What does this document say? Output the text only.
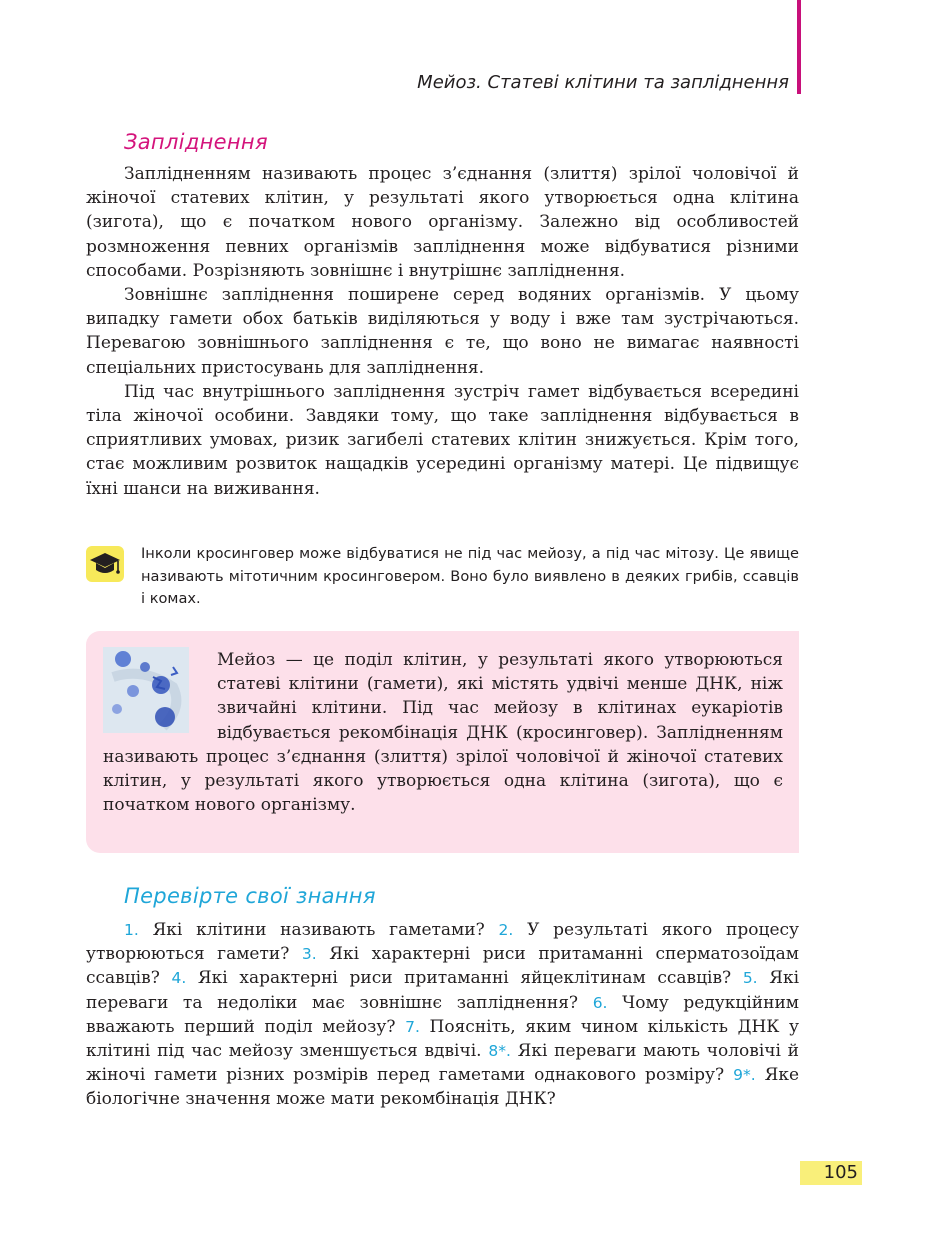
Мейоз. Статеві клітини та запліднення
Запліднення

Заплідненням називають процес з’єднання (злиття) зрілої чоловічої й жіночої статевих клітин, у результаті якого утворюється одна клітина (зигота), що є початком нового організму. Залежно від особливостей розмноження певних організмів запліднення може відбуватися різними способами. Розрізняють зовнішнє і внутрішнє запліднення.

Зовнішнє запліднення поширене серед водяних організмів. У цьому випадку гамети обох батьків виділяються у воду і вже там зустрічаються. Перевагою зовнішнього запліднення є те, що воно не вимагає наявності спеціальних пристосувань для запліднення.

Під час внутрішнього запліднення зустріч гамет відбувається всередині тіла жіночої особини. Завдяки тому, що таке запліднення відбувається в сприятливих умовах, ризик загибелі статевих клітин знижується. Крім того, стає можливим розвиток нащадків усередині організму матері. Це підвищує їхні шанси на виживання.

Інколи кросинговер може відбуватися не під час мейозу, а під час мітозу. Це явище називають мітотичним кросинговером. Воно було виявлено в деяких грибів, ссавців і комах.
Мейоз — це поділ клітин, у результаті якого утворюються статеві клітини (гамети), які містять удвічі менше ДНК, ніж звичайні клітини. Під час мейозу в клітинах еукаріотів відбувається рекомбінація ДНК (кросинговер). Заплідненням називають процес з’єднання (злиття) зрілої чоловічої й жіночої статевих клітин, у результаті якого утворюється одна клітина (зигота), що є початком нового організму.
Перевірте свої знання
1. Які клітини називають гаметами? 2. У результаті якого процесу утворюються гамети? 3. Які характерні риси притаманні сперматозоїдам ссавців? 4. Які характерні риси притаманні яйцеклітинам ссавців? 5. Які переваги та недоліки має зовнішнє запліднення? 6. Чому редукційним вважають перший поділ мейозу? 7. Поясніть, яким чином кількість ДНК у клітині під час мейозу зменшується вдвічі. 8*. Які переваги мають чоловічі й жіночі гамети різних розмірів перед гаметами однакового розміру? 9*. Яке біологічне значення може мати рекомбінація ДНК?
105
